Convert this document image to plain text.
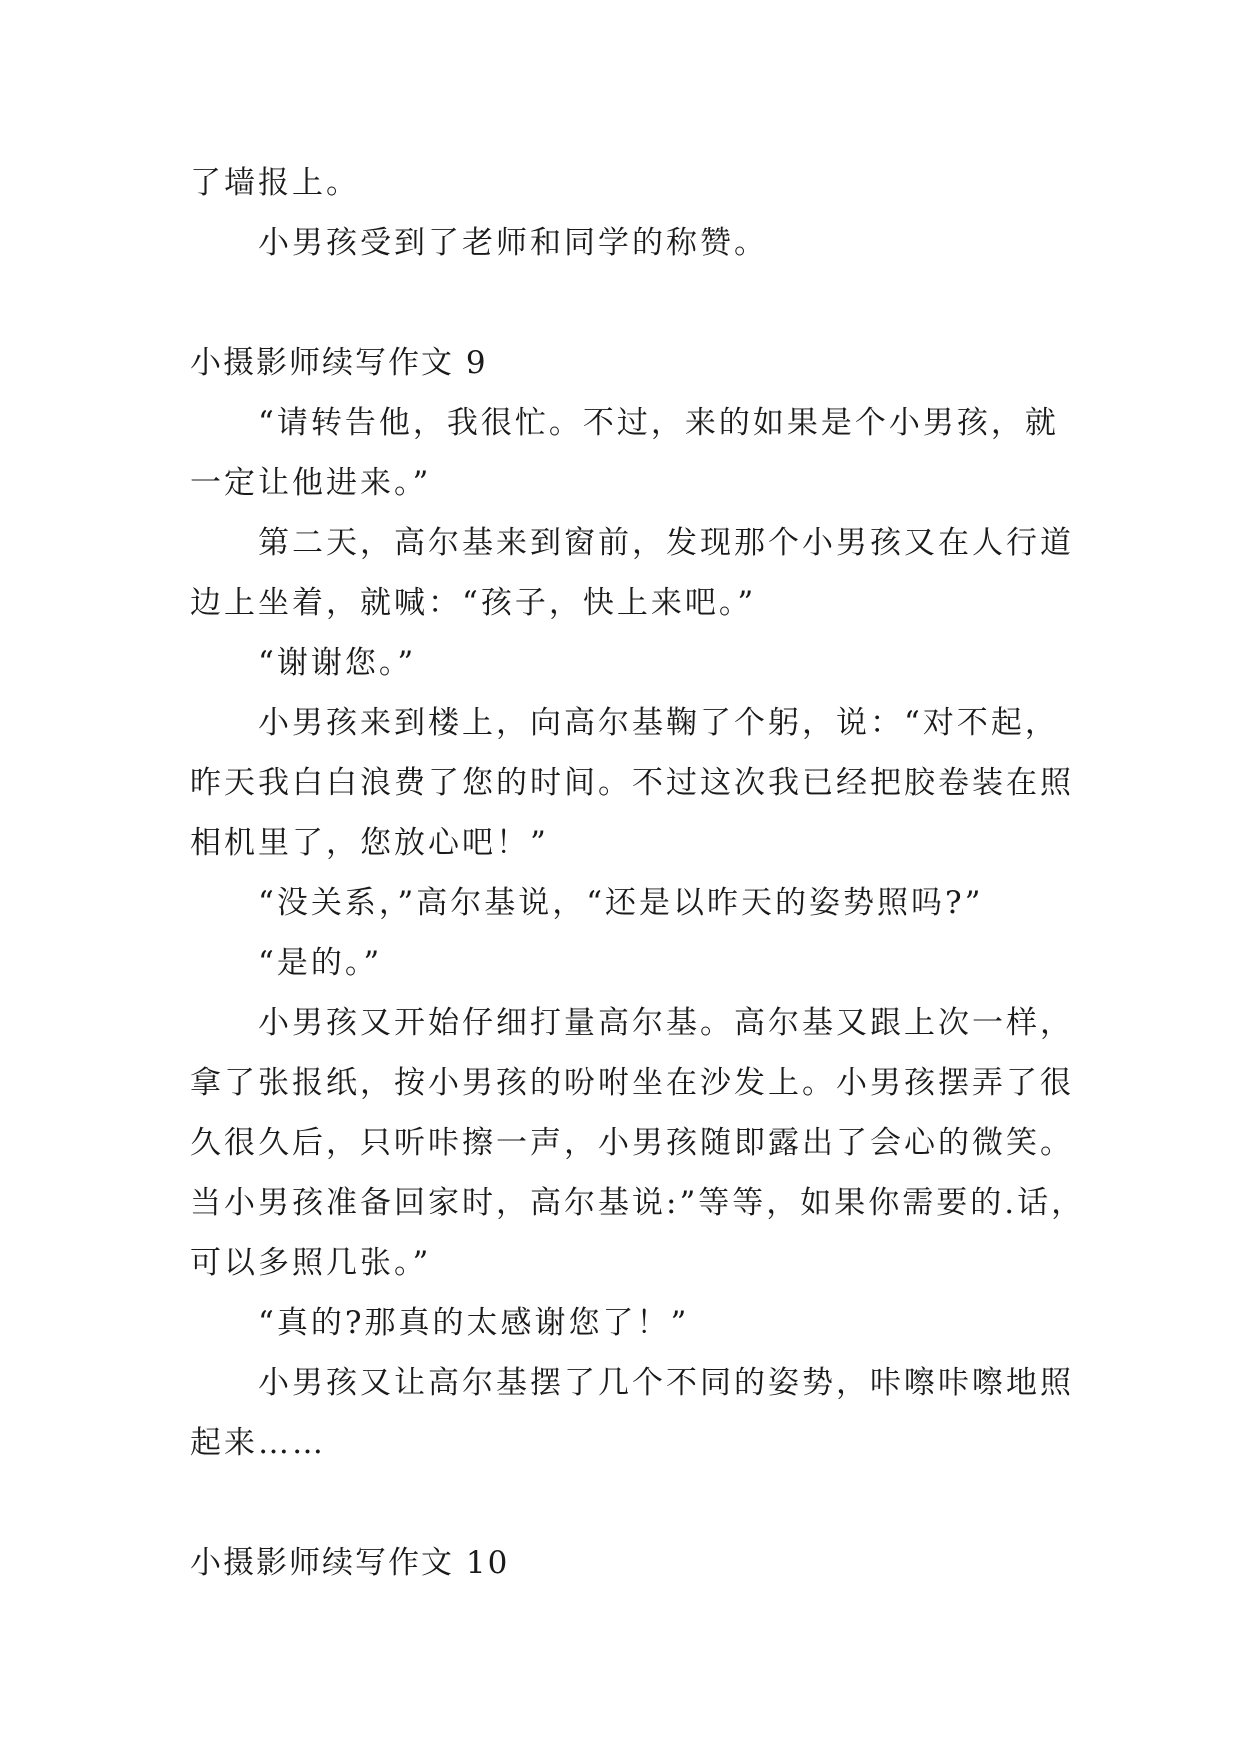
了墙报上。
小男孩受到了老师和同学的称赞。
小摄影师续写作文 9
“请转告他，我很忙。不过，来的如果是个小男孩，就
一定让他进来。”
第二天，高尔基来到窗前，发现那个小男孩又在人行道
边上坐着，就喊：“孩子，快上来吧。”
“谢谢您。”
小男孩来到楼上，向高尔基鞠了个躬，说：“对不起，
昨天我白白浪费了您的时间。不过这次我已经把胶卷装在照
相机里了，您放心吧！”
“没关系，”高尔基说，“还是以昨天的姿势照吗?”
“是的。”
小男孩又开始仔细打量高尔基。高尔基又跟上次一样，
拿了张报纸，按小男孩的吩咐坐在沙发上。小男孩摆弄了很
久很久后，只听咔擦一声，小男孩随即露出了会心的微笑。
当小男孩准备回家时，高尔基说:”等等，如果你需要的.话，
可以多照几张。”
“真的?那真的太感谢您了！”
小男孩又让高尔基摆了几个不同的姿势，咔嚓咔嚓地照
起来……
小摄影师续写作文 10
